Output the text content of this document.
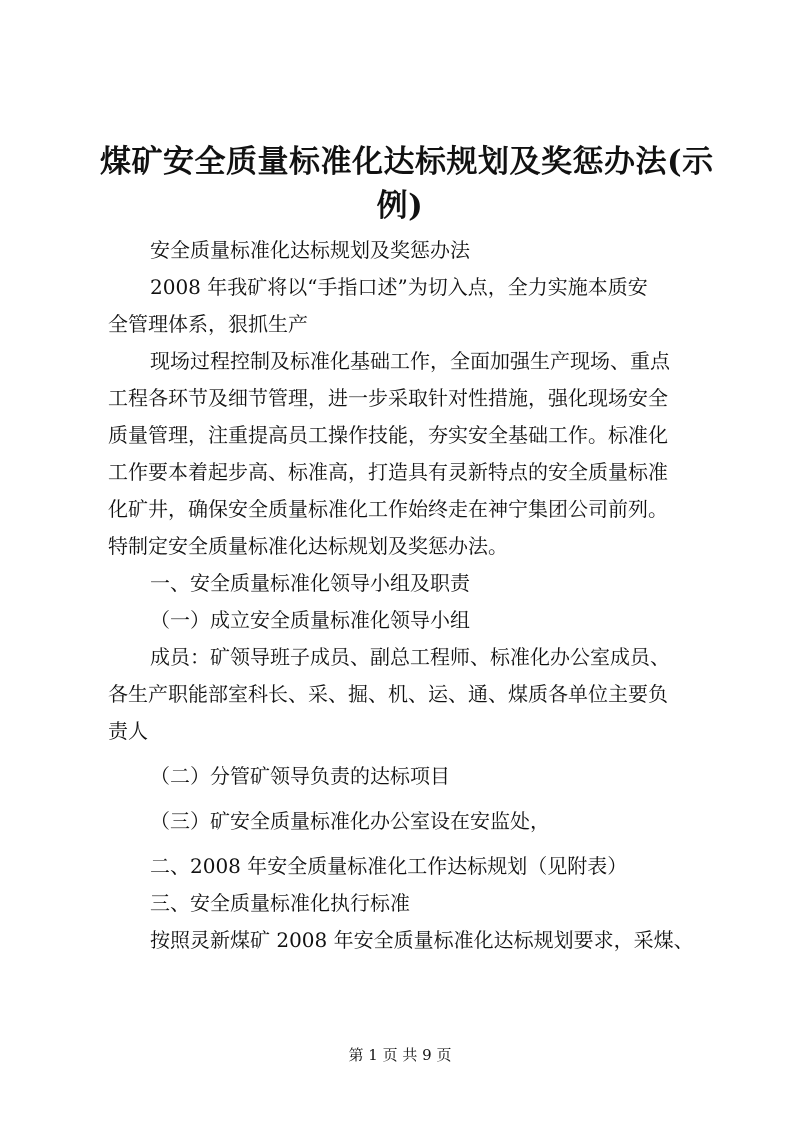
煤矿安全质量标准化达标规划及奖惩办法(示
例)
安全质量标准化达标规划及奖惩办法
2008 年我矿将以“手指口述”为切入点，全力实施本质安
全管理体系，狠抓生产
现场过程控制及标准化基础工作，全面加强生产现场、重点
工程各环节及细节管理，进一步采取针对性措施，强化现场安全
质量管理，注重提高员工操作技能，夯实安全基础工作。标准化
工作要本着起步高、标准高，打造具有灵新特点的安全质量标准
化矿井，确保安全质量标准化工作始终走在神宁集团公司前列。
特制定安全质量标准化达标规划及奖惩办法。
一、安全质量标准化领导小组及职责
（一）成立安全质量标准化领导小组
成员：矿领导班子成员、副总工程师、标准化办公室成员、
各生产职能部室科长、采、掘、机、运、通、煤质各单位主要负
责人
（二）分管矿领导负责的达标项目
（三）矿安全质量标准化办公室设在安监处，
二、2008 年安全质量标准化工作达标规划（见附表）
三、安全质量标准化执行标准
按照灵新煤矿 2008 年安全质量标准化达标规划要求，采煤、
第 1 页 共 9 页
